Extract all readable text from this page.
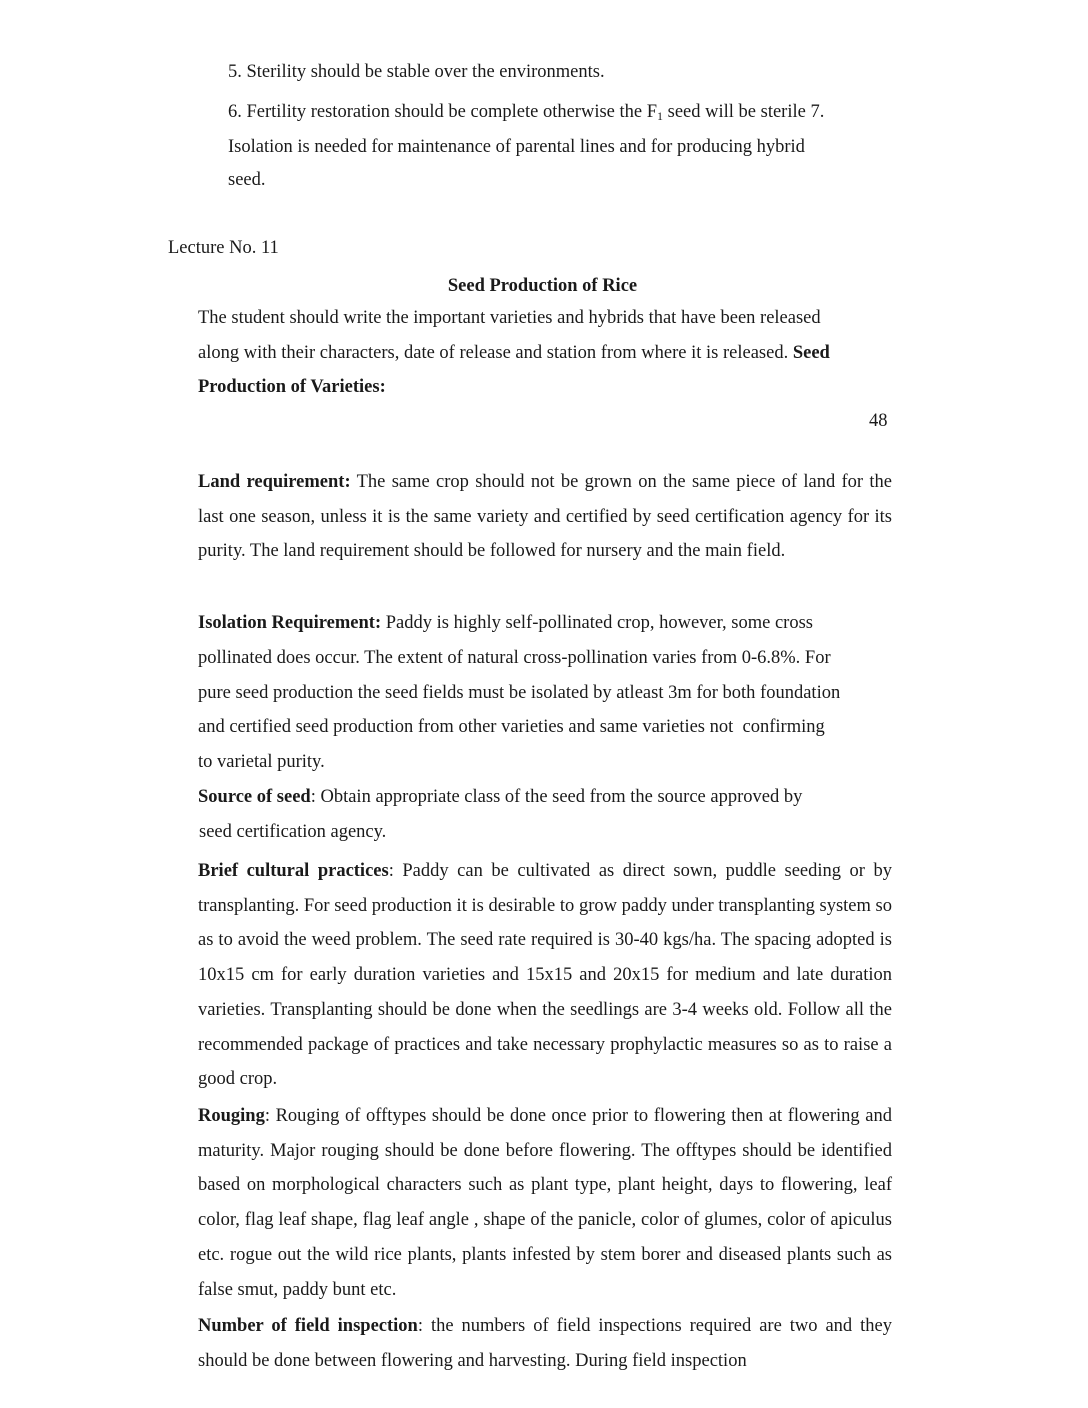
5. Sterility should be stable over the environments.
6. Fertility restoration should be complete otherwise the $F_1$ seed will be sterile 7.
Isolation is needed for maintenance of parental lines and for producing hybrid
seed.
Lecture No. 11
Seed Production of Rice
The student should write the important varieties and hybrids that have been released
along with their characters, date of release and station from where it is released. Seed
Production of Varieties:
48

Land requirement: The same crop should not be grown on the same piece of land for the last one season, unless it is the same variety and certified by seed certification agency for its purity. The land requirement should be followed for nursery and the main field.

Isolation Requirement: Paddy is highly self-pollinated crop, however, some cross
pollinated does occur. The extent of natural cross-pollination varies from 0-6.8%. For
pure seed production the seed fields must be isolated by atleast 3m for both foundation
and certified seed production from other varieties and same varieties not  confirming
to varietal purity.
Source of seed: Obtain appropriate class of the seed from the source approved by
seed certification agency.

Brief cultural practices: Paddy can be cultivated as direct sown, puddle seeding or by transplanting. For seed production it is desirable to grow paddy under transplanting system so as to avoid the weed problem. The seed rate required is 30-40 kgs/ha. The spacing adopted is 10x15 cm for early duration varieties and 15x15 and 20x15 for medium and late duration varieties. Transplanting should be done when the seedlings are 3-4 weeks old. Follow all the recommended package of practices and take necessary prophylactic measures so as to raise a good crop.

Rouging: Rouging of offtypes should be done once prior to flowering then at flowering and maturity. Major rouging should be done before flowering. The offtypes should be identified based on morphological characters such as plant type, plant height, days to flowering, leaf color, flag leaf shape, flag leaf angle , shape of the panicle, color of glumes, color of apiculus etc. rogue out the wild rice plants, plants infested by stem borer and diseased plants such as false smut, paddy bunt etc.

Number of field inspection: the numbers of field inspections required are two and they should be done between flowering and harvesting. During field inspection
